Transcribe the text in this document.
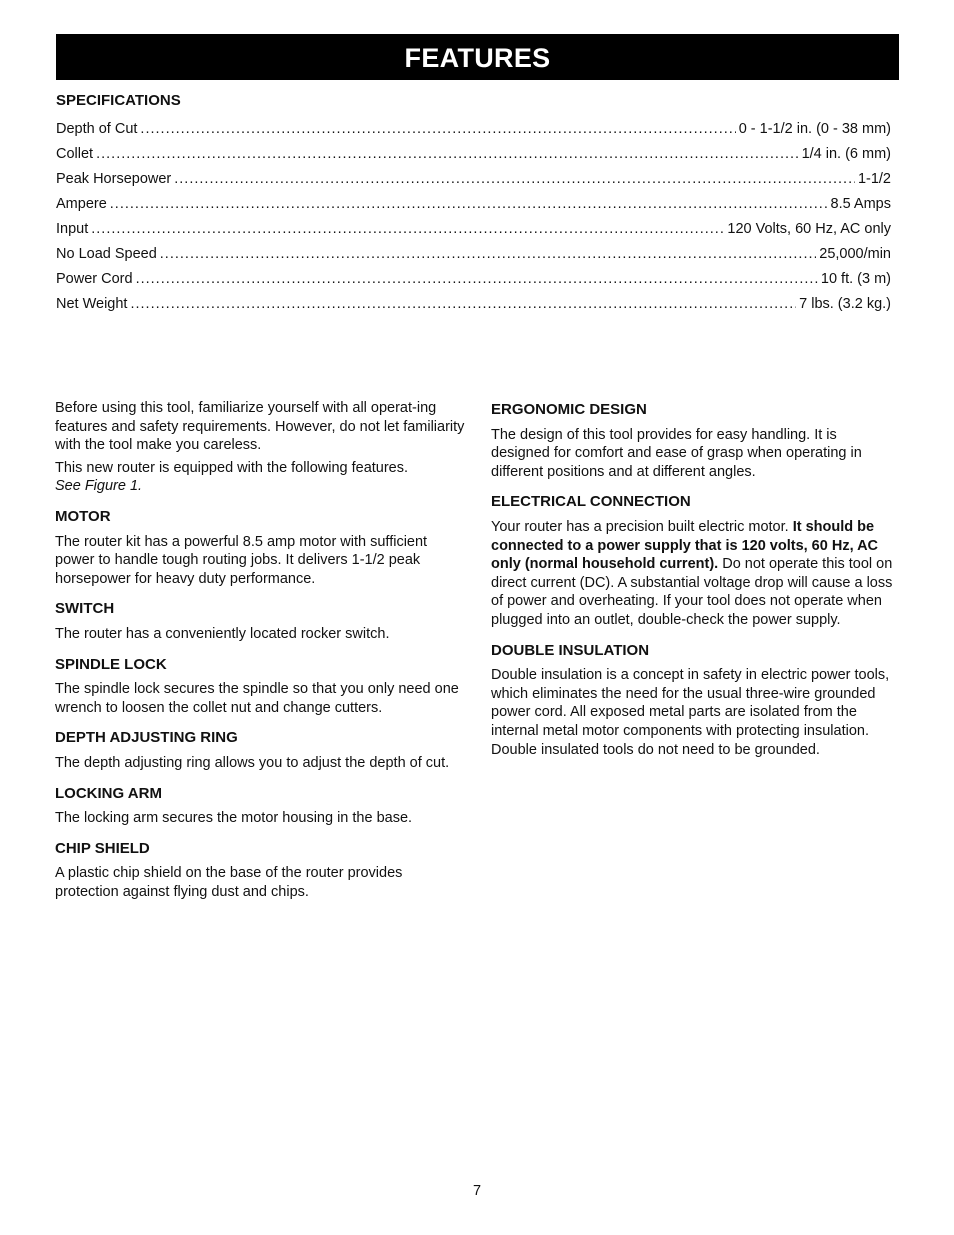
FEATURES
SPECIFICATIONS
Depth of Cut .....	0 - 1-1/2 in. (0 - 38 mm)
Collet .....	1/4 in. (6 mm)
Peak Horsepower .....	1-1/2
Ampere .....	8.5 Amps
Input .....	120 Volts, 60 Hz, AC only
No Load Speed .....	25,000/min
Power Cord .....	10 ft. (3 m)
Net Weight .....	7 lbs. (3.2 kg.)

Before using this tool, familiarize yourself with all operat-ing features and safety requirements. However, do not let familiarity with the tool make you careless.

This new router is equipped with the following features.
See Figure 1.

MOTOR

The router kit has a powerful 8.5 amp motor with sufficient power to handle tough routing jobs. It delivers 1-1/2 peak horsepower for heavy duty performance.

SWITCH

The router has a conveniently located rocker switch.

SPINDLE LOCK

The spindle lock secures the spindle so that you only need one wrench to loosen the collet nut and change cutters.

DEPTH ADJUSTING RING

The depth adjusting ring allows you to adjust the depth of cut.

LOCKING ARM

The locking arm secures the motor housing in the base.

CHIP SHIELD

A plastic chip shield on the base of the router provides protection against flying dust and chips.

ERGONOMIC DESIGN

The design of this tool provides for easy handling. It is designed for comfort and ease of grasp when operating in different positions and at different angles.

ELECTRICAL CONNECTION

Your router has a precision built electric motor. It should be connected to a power supply that is 120 volts, 60 Hz, AC only (normal household current). Do not operate this tool on direct current (DC). A substantial voltage drop will cause a loss of power and overheating. If your tool does not operate when plugged into an outlet, double-check the power supply.

DOUBLE INSULATION

Double insulation is a concept in safety in electric power tools, which eliminates the need for the usual three-wire grounded power cord. All exposed metal parts are isolated from the internal metal motor components with protecting insulation. Double insulated tools do not need to be grounded.

7
